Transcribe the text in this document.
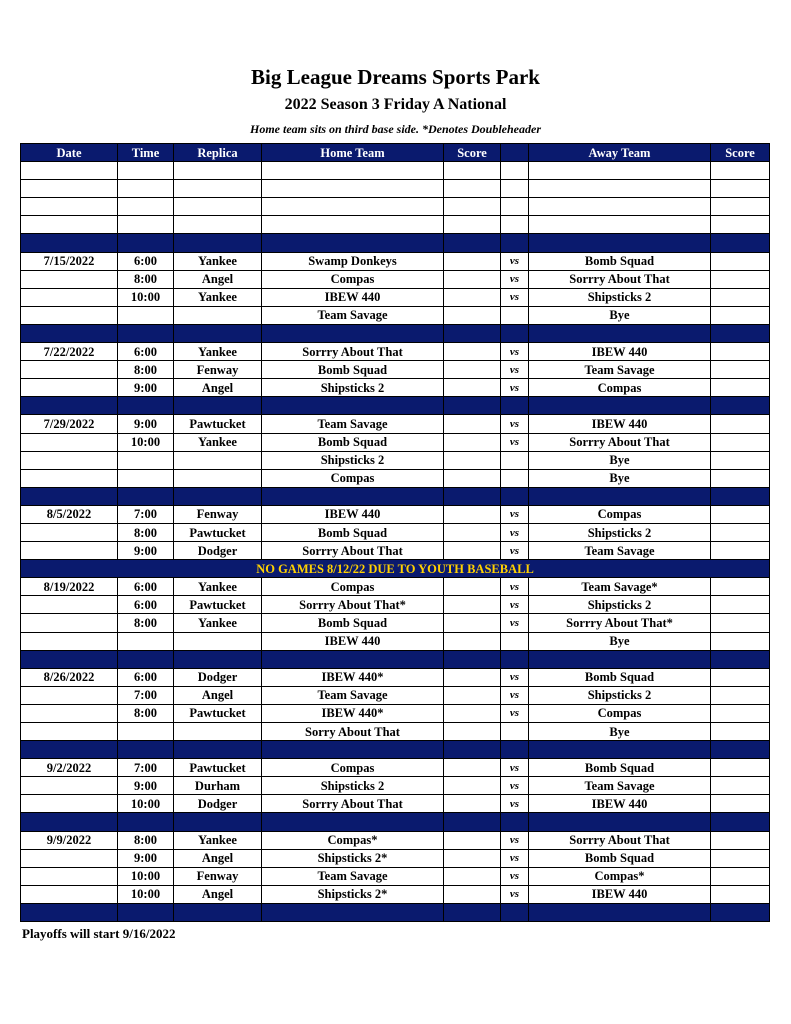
Big League Dreams Sports Park
2022 Season 3 Friday A National
Home team sits on third base side. *Denotes Doubleheader
Date	Time	Replica	Home Team	Score		Away Team	Score

7/15/2022	6:00	Yankee	Swamp Donkeys		vs	Bomb Squad	
	8:00	Angel	Compas		vs	Sorrry About That	
	10:00	Yankee	IBEW 440		vs	Shipsticks 2	
			Team Savage			Bye	

7/22/2022	6:00	Yankee	Sorrry About That		vs	IBEW 440	
	8:00	Fenway	Bomb Squad		vs	Team Savage	
	9:00	Angel	Shipsticks 2		vs	Compas	

7/29/2022	9:00	Pawtucket	Team Savage		vs	IBEW 440	
	10:00	Yankee	Bomb Squad		vs	Sorrry About That	
			Shipsticks 2			Bye	
			Compas			Bye	

8/5/2022	7:00	Fenway	IBEW 440		vs	Compas	
	8:00	Pawtucket	Bomb Squad		vs	Shipsticks 2	
	9:00	Dodger	Sorrry About That		vs	Team Savage	
NO GAMES 8/12/22 DUE TO YOUTH BASEBALL							
8/19/2022	6:00	Yankee	Compas		vs	Team Savage*	
	6:00	Pawtucket	Sorrry About That*		vs	Shipsticks 2	
	8:00	Yankee	Bomb Squad		vs	Sorrry About That*	
			IBEW 440			Bye	

8/26/2022	6:00	Dodger	IBEW 440*		vs	Bomb Squad	
	7:00	Angel	Team Savage		vs	Shipsticks 2	
	8:00	Pawtucket	IBEW 440*		vs	Compas	
			Sorry About That			Bye	

9/2/2022	7:00	Pawtucket	Compas		vs	Bomb Squad	
	9:00	Durham	Shipsticks 2		vs	Team Savage	
	10:00	Dodger	Sorrry About That		vs	IBEW 440	

9/9/2022	8:00	Yankee	Compas*		vs	Sorrry About That	
	9:00	Angel	Shipsticks 2*		vs	Bomb Squad	
	10:00	Fenway	Team Savage		vs	Compas*	
	10:00	Angel	Shipsticks 2*		vs	IBEW 440	

Playoffs will start 9/16/2022
